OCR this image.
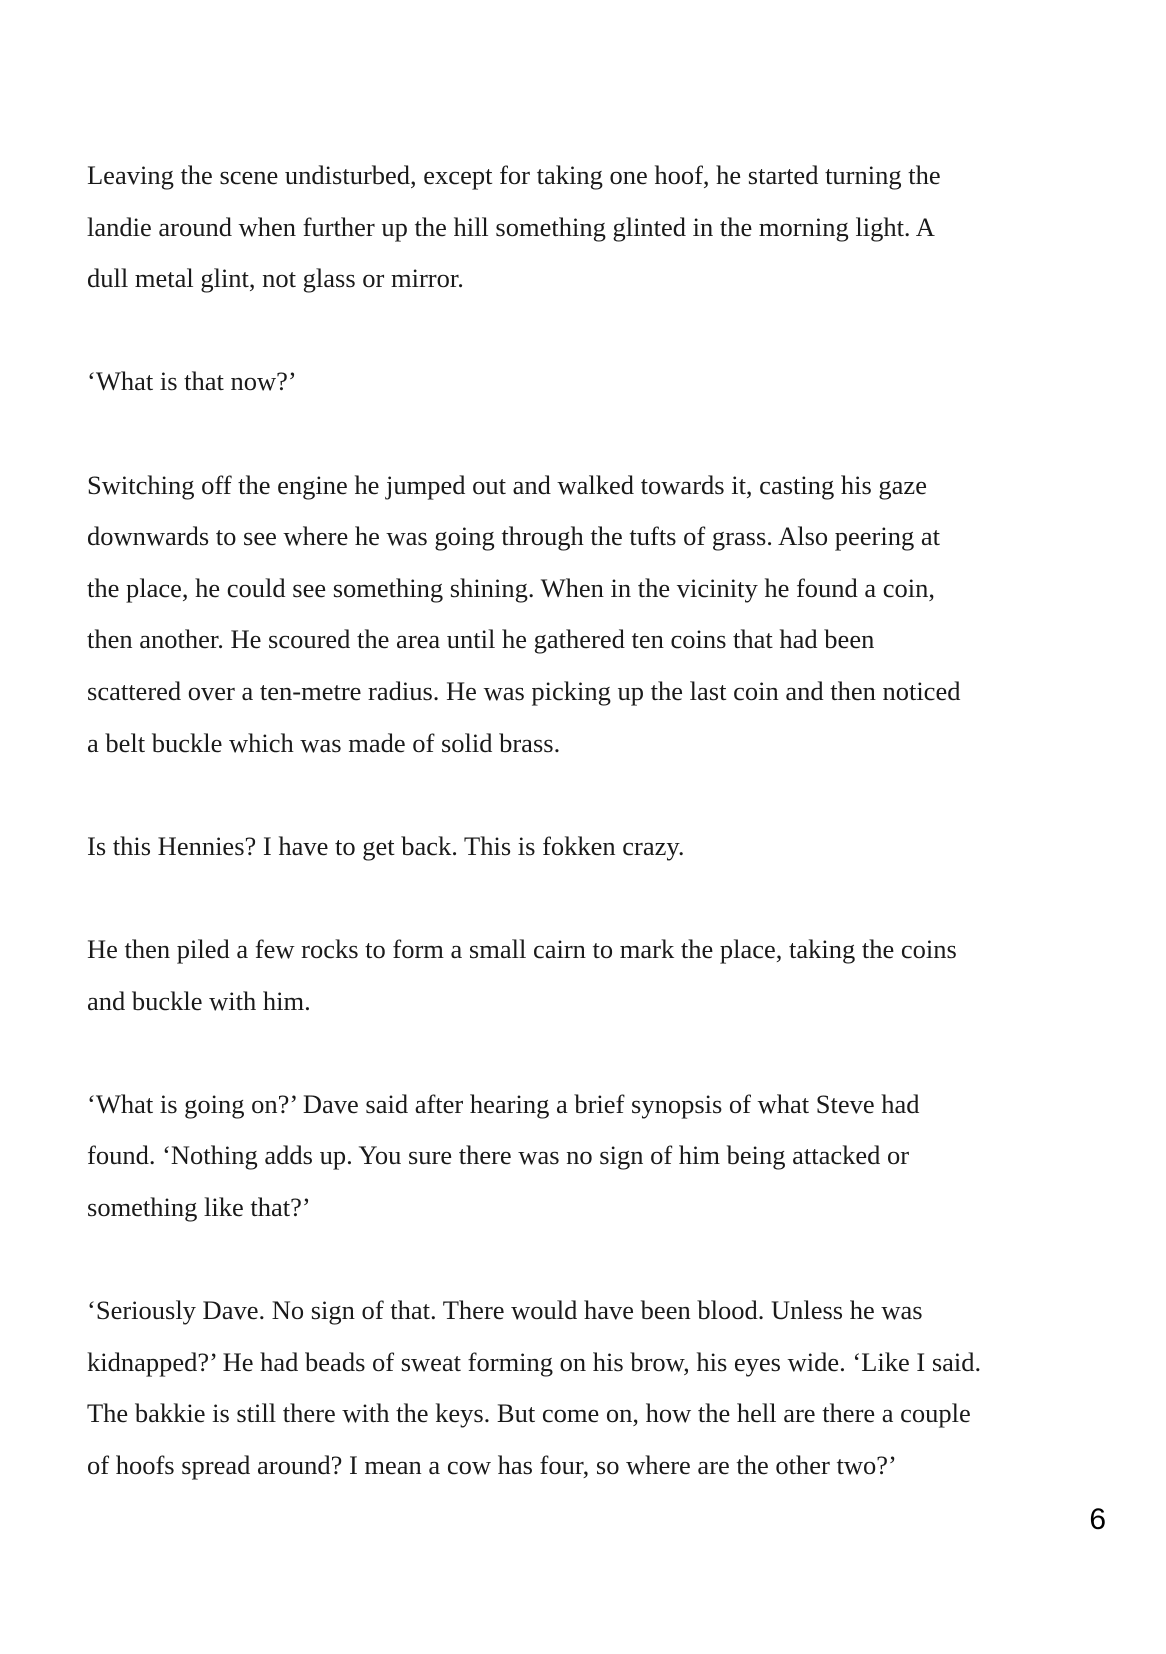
Leaving the scene undisturbed, except for taking one hoof, he started turning the
landie around when further up the hill something glinted in the morning light. A
dull metal glint, not glass or mirror.

‘What is that now?’

Switching off the engine he jumped out and walked towards it, casting his gaze
downwards to see where he was going through the tufts of grass. Also peering at
the place, he could see something shining. When in the vicinity he found a coin,
then another. He scoured the area until he gathered ten coins that had been
scattered over a ten-metre radius. He was picking up the last coin and then noticed
a belt buckle which was made of solid brass.

Is this Hennies? I have to get back. This is fokken crazy.

He then piled a few rocks to form a small cairn to mark the place, taking the coins
and buckle with him.

‘What is going on?’ Dave said after hearing a brief synopsis of what Steve had
found. ‘Nothing adds up. You sure there was no sign of him being attacked or
something like that?’

‘Seriously Dave. No sign of that. There would have been blood. Unless he was
kidnapped?’ He had beads of sweat forming on his brow, his eyes wide. ‘Like I said.
The bakkie is still there with the keys. But come on, how the hell are there a couple
of hoofs spread around? I mean a cow has four, so where are the other two?’

6
